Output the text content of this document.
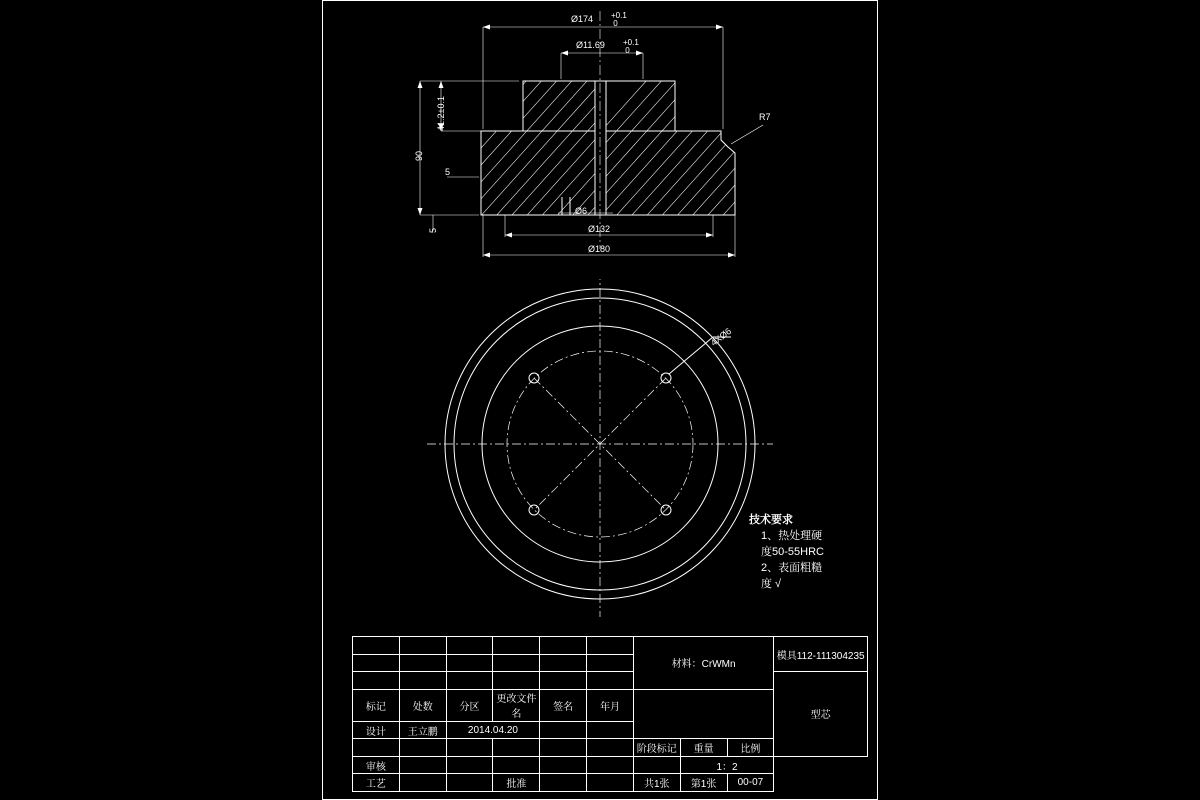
Ø174 +0.1
0
Ø11.69 +0.1
0
90
41.2±0.1
5
5
Ø6
Ø132
Ø180
R7
4XØ6
技术要求
1、热处理硬
度50-55HRC
2、表面粗糙
度 √
						材料：CrWMn			模具112-111304235

									型芯
标记	处数	分区	更改文件名	签名	年月				
设计	王立鹏	2014.04.20							
						阶段标记	重量	比例	
审核							1：2		
工艺			批准			共1张	第1张	00-07	
